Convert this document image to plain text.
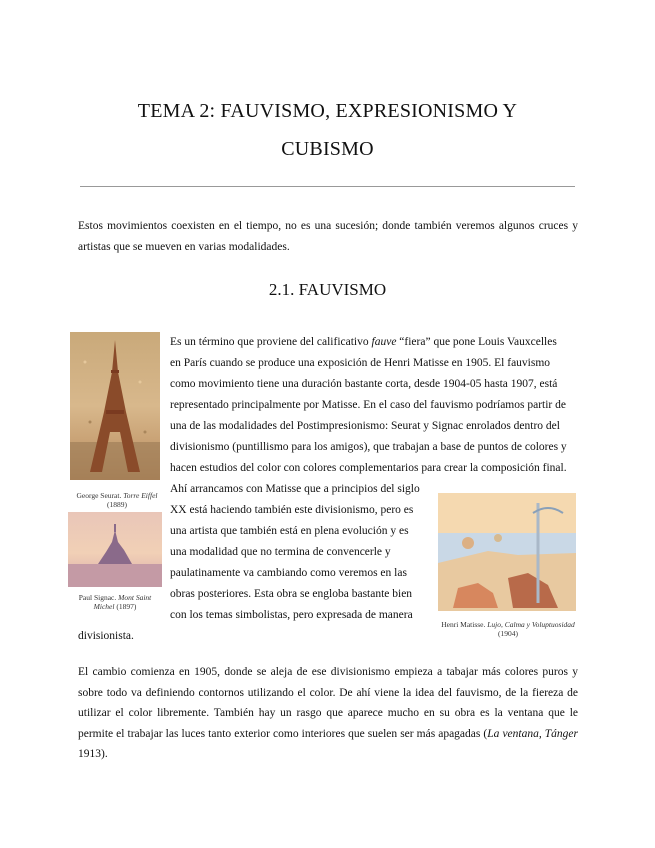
TEMA 2: FAUVISMO, EXPRESIONISMO Y
CUBISMO
Estos movimientos coexisten en el tiempo, no es una sucesión; donde también veremos algunos cruces y artistas que se mueven en varias modalidades.
2.1. FAUVISMO
George Seurat. Torre Eiffel (1889)
Paul Signac. Mont Saint Michel (1897)
Henri Matisse. Lujo, Calma y Voluptuosidad (1904)
Es un término que proviene del calificativo fauve “fiera” que pone Louis Vauxcelles
en París cuando se produce una exposición de Henri Matisse en 1905. El fauvismo
como movimiento tiene una duración bastante corta, desde 1904-05 hasta 1907, está
representado principalmente por Matisse. En el caso del fauvismo podríamos partir de
una de las modalidades del Postimpresionismo: Seurat y Signac enrolados dentro del
divisionismo (puntillismo para los amigos), que trabajan a base de puntos de colores y
hacen estudios del color con colores complementarios para crear la composición final.
Ahí arrancamos con Matisse que a principios del siglo
XX está haciendo también este divisionismo, pero es
una artista que también está en plena evolución y es
una modalidad que no termina de convencerle y
paulatinamente va cambiando como veremos en las
obras posteriores. Esta obra se engloba bastante bien
con los temas simbolistas, pero expresada de manera
divisionista.
El cambio comienza en 1905, donde se aleja de ese divisionismo empieza a tabajar más colores puros y sobre todo va definiendo contornos utilizando el color. De ahí viene la idea del fauvismo, de la fiereza de utilizar el color libremente. También hay un rasgo que aparece mucho en su obra es la ventana que le permite el trabajar las luces tanto exterior como interiores que suelen ser más apagadas (La ventana, Tánger 1913).
